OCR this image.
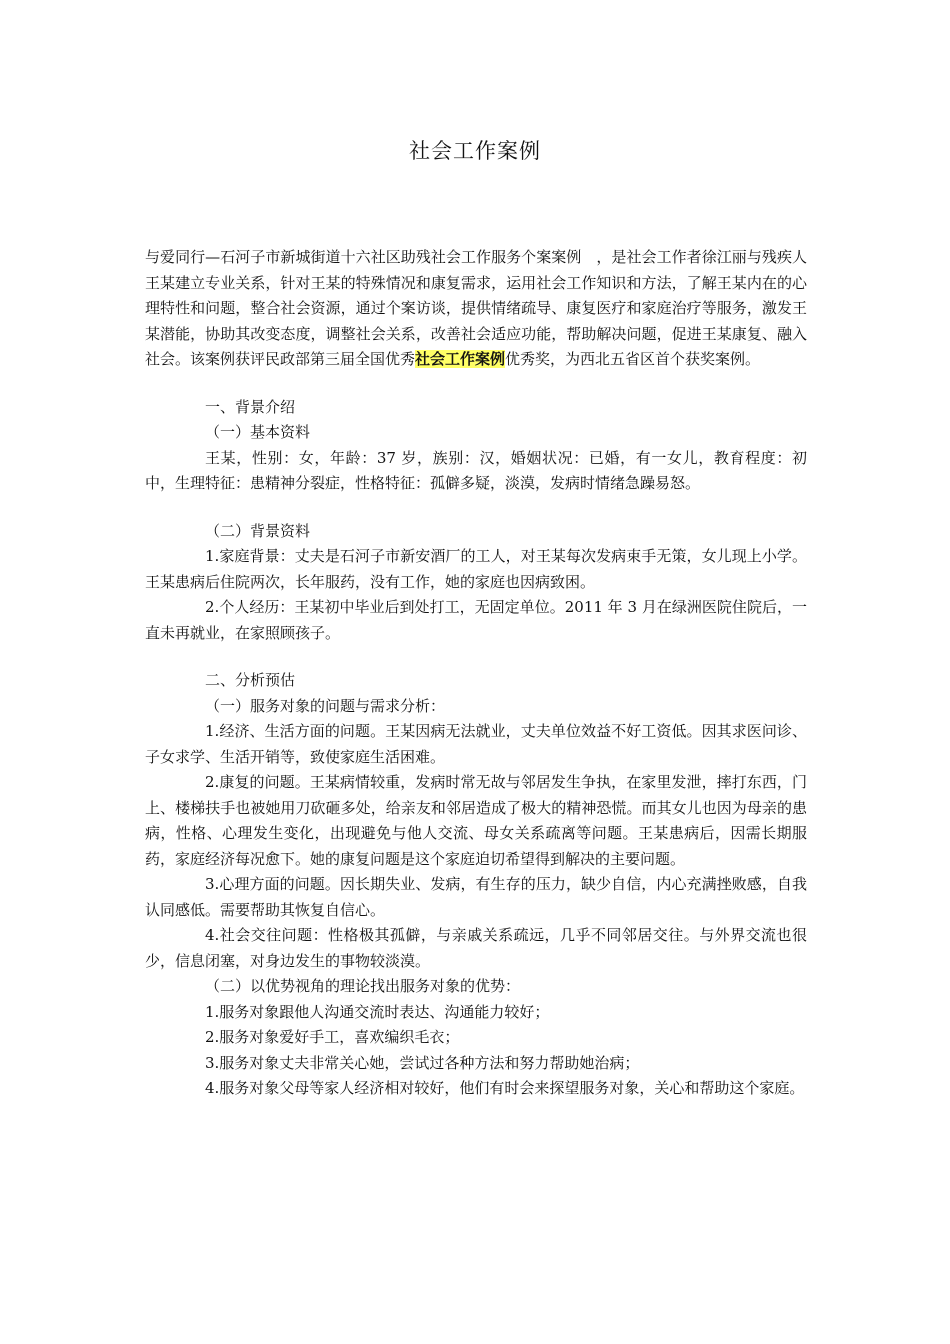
社会工作案例

与爱同行—石河子市新城街道十六社区助残社会工作服务个案案例　，是社会工作者徐江丽与残疾人王某建立专业关系，针对王某的特殊情况和康复需求，运用社会工作知识和方法，了解王某内在的心理特性和问题，整合社会资源，通过个案访谈，提供情绪疏导、康复医疗和家庭治疗等服务，激发王某潜能，协助其改变态度，调整社会关系，改善社会适应功能，帮助解决问题，促进王某康复、融入社会。该案例获评民政部第三届全国优秀社会工作案例优秀奖，为西北五省区首个获奖案例。

一、背景介绍

（一）基本资料

王某，性别：女，年龄：37 岁，族别：汉，婚姻状况：已婚，有一女儿，教育程度：初中，生理特征：患精神分裂症，性格特征：孤僻多疑，淡漠，发病时情绪急躁易怒。

（二）背景资料

1.家庭背景：丈夫是石河子市新安酒厂的工人，对王某每次发病束手无策，女儿现上小学。王某患病后住院两次，长年服药，没有工作，她的家庭也因病致困。

2.个人经历：王某初中毕业后到处打工，无固定单位。2011 年 3 月在绿洲医院住院后，一直未再就业，在家照顾孩子。

二、分析预估

（一）服务对象的问题与需求分析：

1.经济、生活方面的问题。王某因病无法就业，丈夫单位效益不好工资低。因其求医问诊、子女求学、生活开销等，致使家庭生活困难。

2.康复的问题。王某病情较重，发病时常无故与邻居发生争执，在家里发泄，摔打东西，门上、楼梯扶手也被她用刀砍砸多处，给亲友和邻居造成了极大的精神恐慌。而其女儿也因为母亲的患病，性格、心理发生变化，出现避免与他人交流、母女关系疏离等问题。王某患病后，因需长期服药，家庭经济每况愈下。她的康复问题是这个家庭迫切希望得到解决的主要问题。

3.心理方面的问题。因长期失业、发病，有生存的压力，缺少自信，内心充满挫败感，自我认同感低。需要帮助其恢复自信心。

4.社会交往问题：性格极其孤僻，与亲戚关系疏远，几乎不同邻居交往。与外界交流也很少，信息闭塞，对身边发生的事物较淡漠。

（二）以优势视角的理论找出服务对象的优势：

1.服务对象跟他人沟通交流时表达、沟通能力较好；

2.服务对象爱好手工，喜欢编织毛衣；

3.服务对象丈夫非常关心她，尝试过各种方法和努力帮助她治病；

4.服务对象父母等家人经济相对较好，他们有时会来探望服务对象，关心和帮助这个家庭。
